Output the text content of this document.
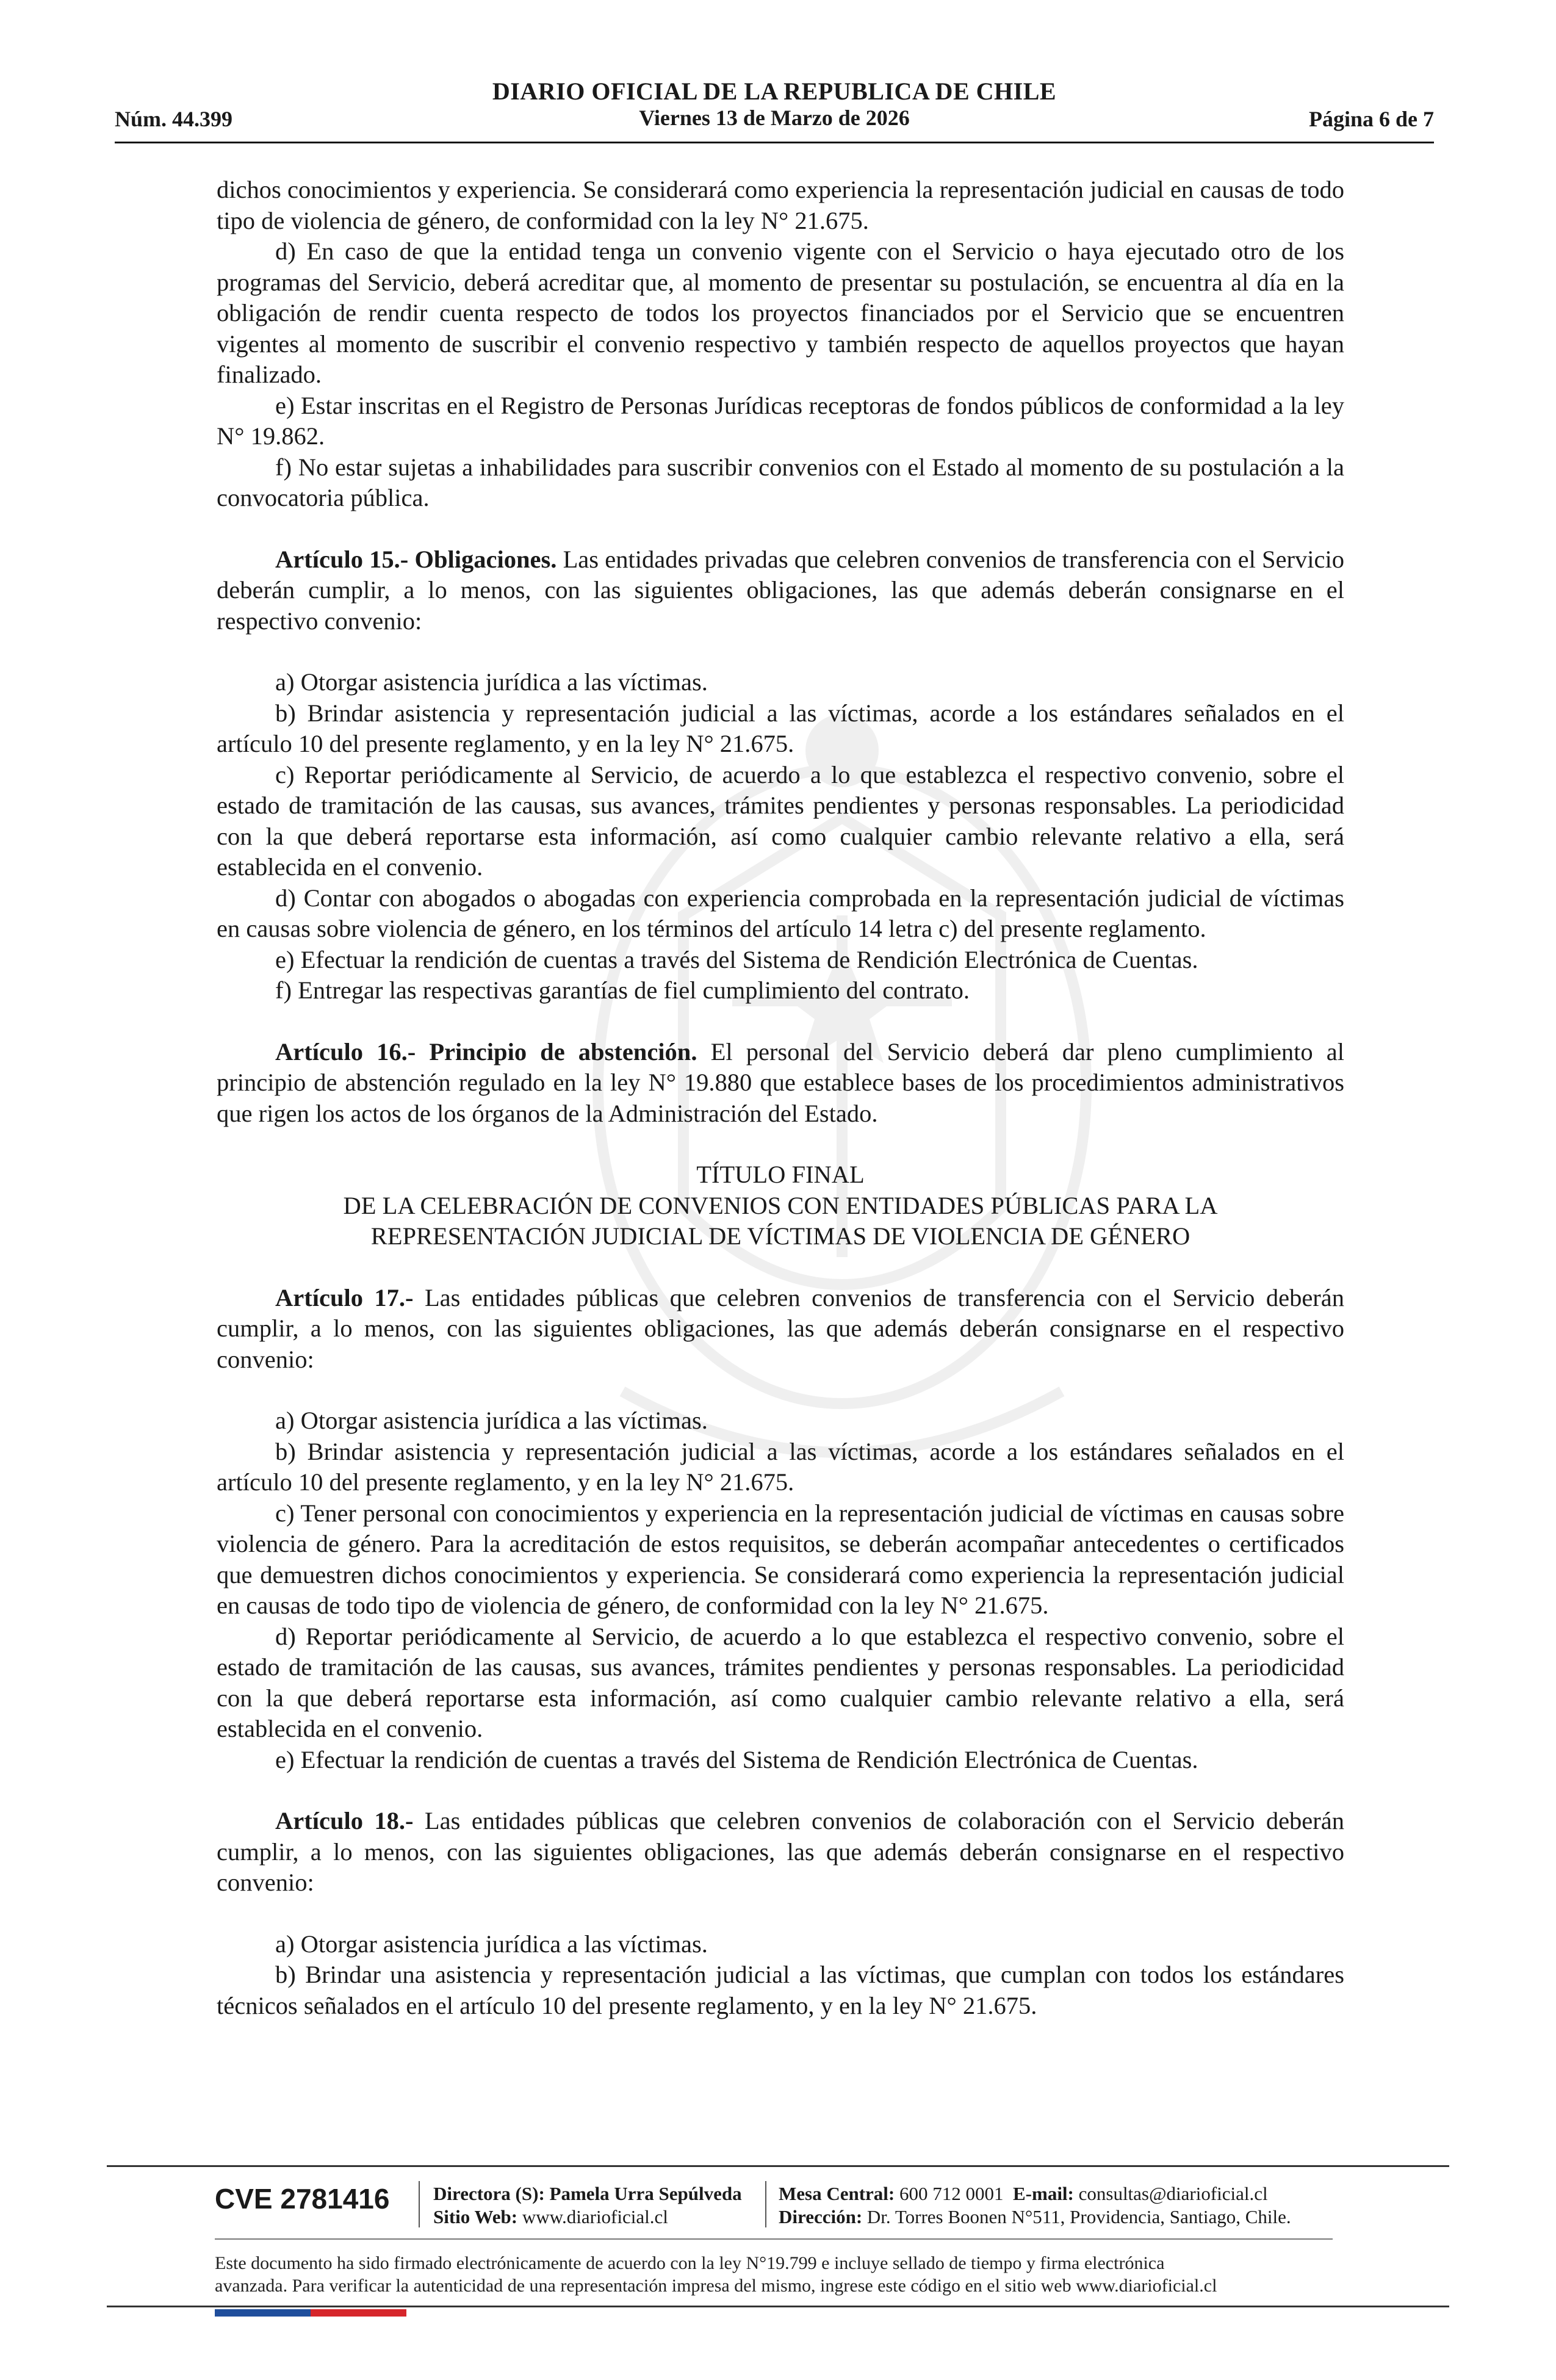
DIARIO OFICIAL DE LA REPUBLICA DE CHILE
Núm. 44.399	Viernes 13 de Marzo de 2026	Página 6 de 7

dichos conocimientos y experiencia. Se considerará como experiencia la representación judicial en causas de todo tipo de violencia de género, de conformidad con la ley N° 21.675.

d) En caso de que la entidad tenga un convenio vigente con el Servicio o haya ejecutado otro de los programas del Servicio, deberá acreditar que, al momento de presentar su postulación, se encuentra al día en la obligación de rendir cuenta respecto de todos los proyectos financiados por el Servicio que se encuentren vigentes al momento de suscribir el convenio respectivo y también respecto de aquellos proyectos que hayan finalizado.

e) Estar inscritas en el Registro de Personas Jurídicas receptoras de fondos públicos de conformidad a la ley N° 19.862.

f) No estar sujetas a inhabilidades para suscribir convenios con el Estado al momento de su postulación a la convocatoria pública.

Artículo 15.- Obligaciones. Las entidades privadas que celebren convenios de transferencia con el Servicio deberán cumplir, a lo menos, con las siguientes obligaciones, las que además deberán consignarse en el respectivo convenio:

a) Otorgar asistencia jurídica a las víctimas.

b) Brindar asistencia y representación judicial a las víctimas, acorde a los estándares señalados en el artículo 10 del presente reglamento, y en la ley N° 21.675.

c) Reportar periódicamente al Servicio, de acuerdo a lo que establezca el respectivo convenio, sobre el estado de tramitación de las causas, sus avances, trámites pendientes y personas responsables. La periodicidad con la que deberá reportarse esta información, así como cualquier cambio relevante relativo a ella, será establecida en el convenio.

d) Contar con abogados o abogadas con experiencia comprobada en la representación judicial de víctimas en causas sobre violencia de género, en los términos del artículo 14 letra c) del presente reglamento.

e) Efectuar la rendición de cuentas a través del Sistema de Rendición Electrónica de Cuentas.

f) Entregar las respectivas garantías de fiel cumplimiento del contrato.

Artículo 16.- Principio de abstención. El personal del Servicio deberá dar pleno cumplimiento al principio de abstención regulado en la ley N° 19.880 que establece bases de los procedimientos administrativos que rigen los actos de los órganos de la Administración del Estado.

TÍTULO FINAL

DE LA CELEBRACIÓN DE CONVENIOS CON ENTIDADES PÚBLICAS PARA LA

REPRESENTACIÓN JUDICIAL DE VÍCTIMAS DE VIOLENCIA DE GÉNERO

Artículo 17.- Las entidades públicas que celebren convenios de transferencia con el Servicio deberán cumplir, a lo menos, con las siguientes obligaciones, las que además deberán consignarse en el respectivo convenio:

a) Otorgar asistencia jurídica a las víctimas.

b) Brindar asistencia y representación judicial a las víctimas, acorde a los estándares señalados en el artículo 10 del presente reglamento, y en la ley N° 21.675.

c) Tener personal con conocimientos y experiencia en la representación judicial de víctimas en causas sobre violencia de género. Para la acreditación de estos requisitos, se deberán acompañar antecedentes o certificados que demuestren dichos conocimientos y experiencia. Se considerará como experiencia la representación judicial en causas de todo tipo de violencia de género, de conformidad con la ley N° 21.675.

d) Reportar periódicamente al Servicio, de acuerdo a lo que establezca el respectivo convenio, sobre el estado de tramitación de las causas, sus avances, trámites pendientes y personas responsables. La periodicidad con la que deberá reportarse esta información, así como cualquier cambio relevante relativo a ella, será establecida en el convenio.

e) Efectuar la rendición de cuentas a través del Sistema de Rendición Electrónica de Cuentas.

Artículo 18.- Las entidades públicas que celebren convenios de colaboración con el Servicio deberán cumplir, a lo menos, con las siguientes obligaciones, las que además deberán consignarse en el respectivo convenio:

a) Otorgar asistencia jurídica a las víctimas.

b) Brindar una asistencia y representación judicial a las víctimas, que cumplan con todos los estándares técnicos señalados en el artículo 10 del presente reglamento, y en la ley N° 21.675.

CVE 2781416 Directora (S): Pamela Urra Sepúlveda
Sitio Web: www.diarioficial.cl
Mesa Central: 600 712 0001 E-mail: consultas@diarioficial.cl
Dirección: Dr. Torres Boonen N°511, Providencia, Santiago, Chile.
Este documento ha sido firmado electrónicamente de acuerdo con la ley N°19.799 e incluye sellado de tiempo y firma electrónica
avanzada. Para verificar la autenticidad de una representación impresa del mismo, ingrese este código en el sitio web www.diarioficial.cl
